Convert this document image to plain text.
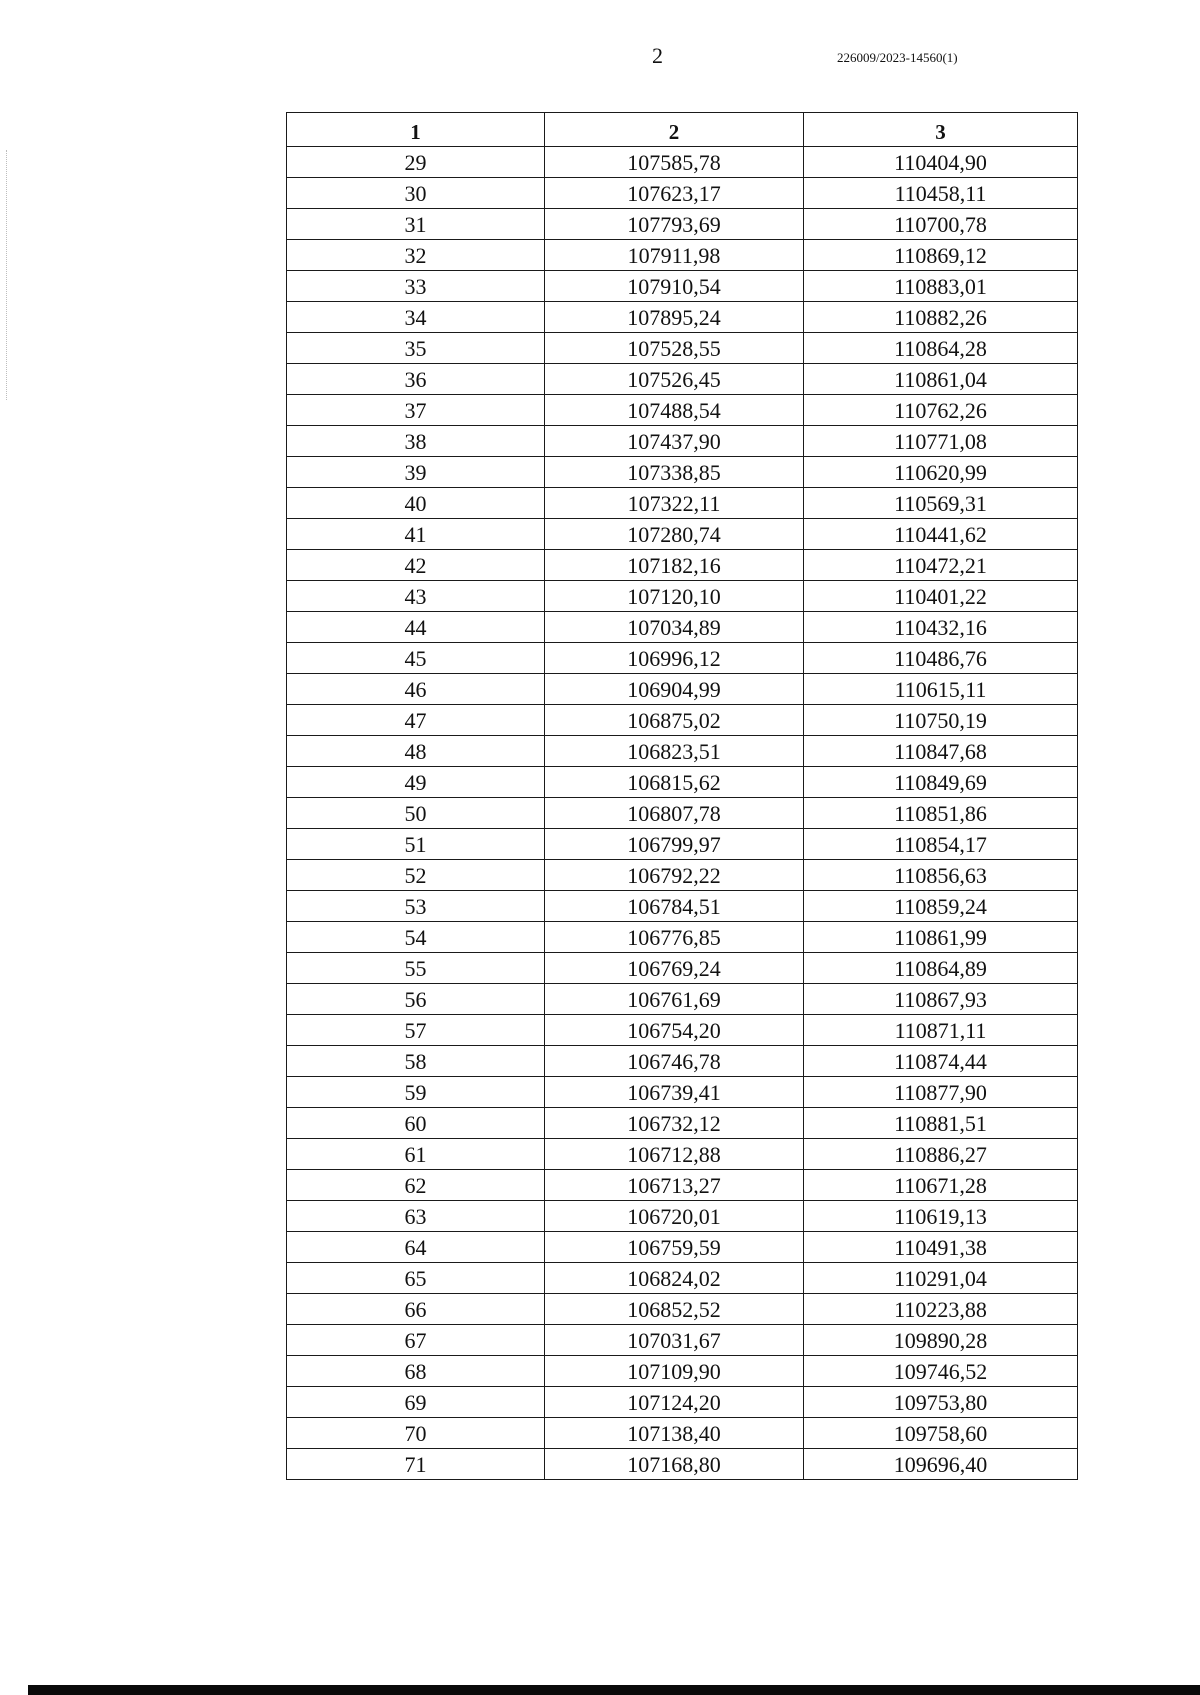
2	226009/2023-14560(1)
1	2	3
29	107585,78	110404,90
30	107623,17	110458,11
31	107793,69	110700,78
32	107911,98	110869,12
33	107910,54	110883,01
34	107895,24	110882,26
35	107528,55	110864,28
36	107526,45	110861,04
37	107488,54	110762,26
38	107437,90	110771,08
39	107338,85	110620,99
40	107322,11	110569,31
41	107280,74	110441,62
42	107182,16	110472,21
43	107120,10	110401,22
44	107034,89	110432,16
45	106996,12	110486,76
46	106904,99	110615,11
47	106875,02	110750,19
48	106823,51	110847,68
49	106815,62	110849,69
50	106807,78	110851,86
51	106799,97	110854,17
52	106792,22	110856,63
53	106784,51	110859,24
54	106776,85	110861,99
55	106769,24	110864,89
56	106761,69	110867,93
57	106754,20	110871,11
58	106746,78	110874,44
59	106739,41	110877,90
60	106732,12	110881,51
61	106712,88	110886,27
62	106713,27	110671,28
63	106720,01	110619,13
64	106759,59	110491,38
65	106824,02	110291,04
66	106852,52	110223,88
67	107031,67	109890,28
68	107109,90	109746,52
69	107124,20	109753,80
70	107138,40	109758,60
71	107168,80	109696,40
